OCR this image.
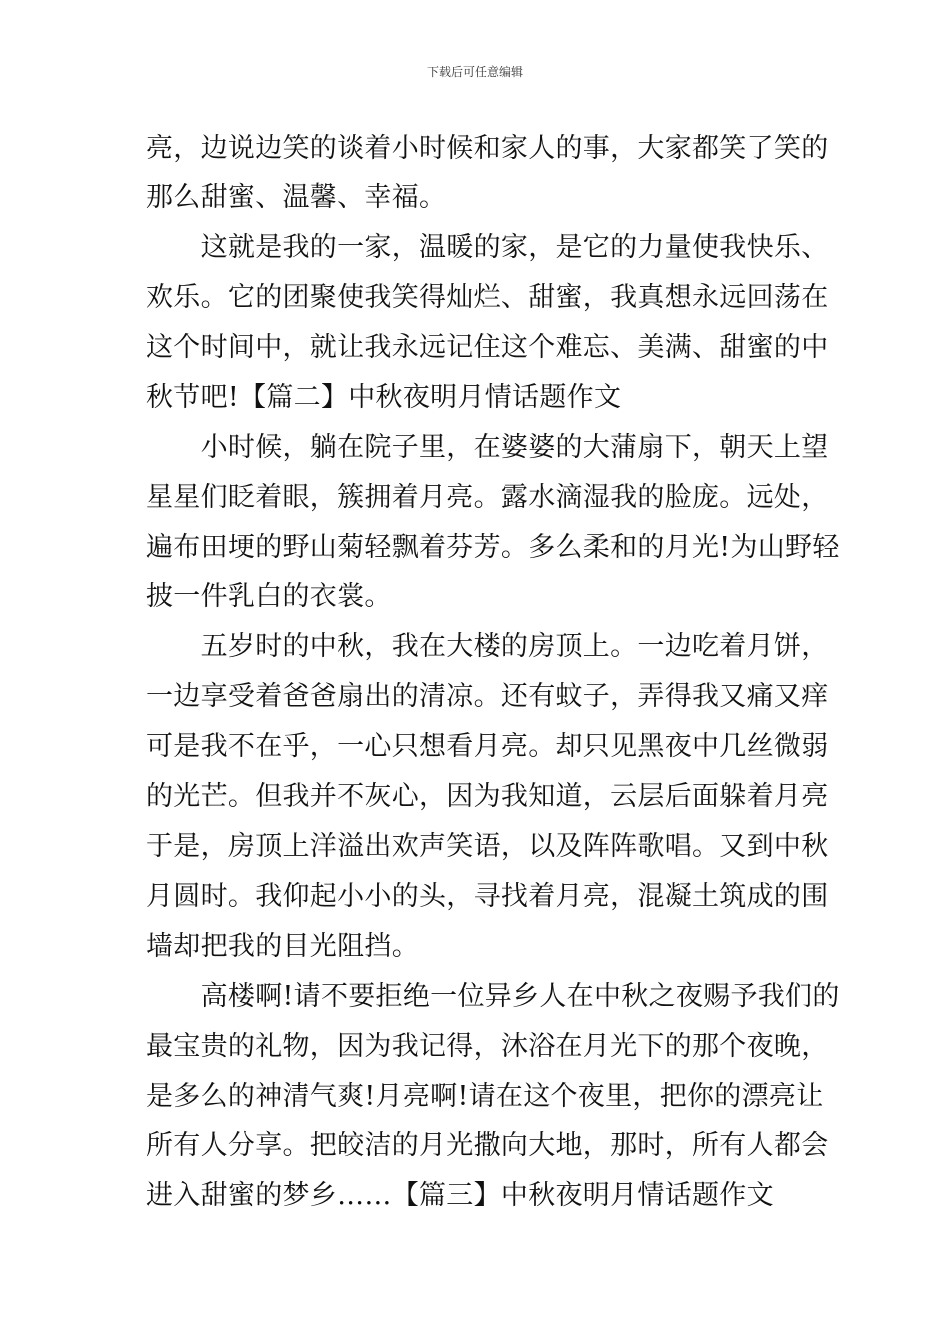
下载后可任意编辑
亮，边说边笑的谈着小时候和家人的事，大家都笑了笑的
那么甜蜜、温馨、幸福。
　　这就是我的一家，温暖的家，是它的力量使我快乐、
欢乐。它的团聚使我笑得灿烂、甜蜜，我真想永远回荡在
这个时间中，就让我永远记住这个难忘、美满、甜蜜的中
秋节吧!【篇二】中秋夜明月情话题作文
　　小时候，躺在院子里，在婆婆的大蒲扇下，朝天上望
星星们眨着眼，簇拥着月亮。露水滴湿我的脸庞。远处，
遍布田埂的野山菊轻飘着芬芳。多么柔和的月光!为山野轻
披一件乳白的衣裳。
　　五岁时的中秋，我在大楼的房顶上。一边吃着月饼，
一边享受着爸爸扇出的清凉。还有蚊子，弄得我又痛又痒
可是我不在乎，一心只想看月亮。却只见黑夜中几丝微弱
的光芒。但我并不灰心，因为我知道，云层后面躲着月亮
于是，房顶上洋溢出欢声笑语，以及阵阵歌唱。又到中秋
月圆时。我仰起小小的头，寻找着月亮，混凝土筑成的围
墙却把我的目光阻挡。
　　高楼啊!请不要拒绝一位异乡人在中秋之夜赐予我们的
最宝贵的礼物，因为我记得，沐浴在月光下的那个夜晚，
是多么的神清气爽!月亮啊!请在这个夜里，把你的漂亮让
所有人分享。把皎洁的月光撒向大地，那时，所有人都会
进入甜蜜的梦乡……【篇三】中秋夜明月情话题作文
